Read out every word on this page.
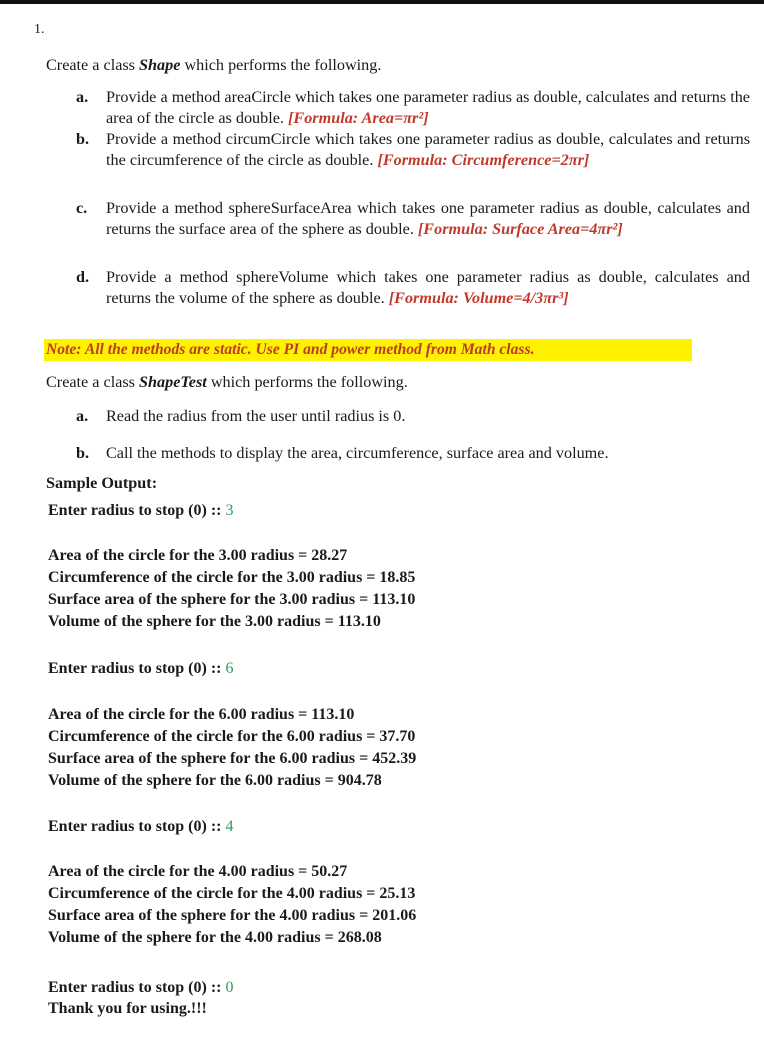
1.
Create a class Shape which performs the following.
a.	Provide a method areaCircle which takes one parameter radius as double, calculates and returns the area of the circle as double. [Formula: Area=πr²]
b.	Provide a method circumCircle which takes one parameter radius as double, calculates and returns the circumference of the circle as double. [Formula: Circumference=2πr]
c.	Provide a method sphereSurfaceArea which takes one parameter radius as double, calculates and returns the surface area of the sphere as double. [Formula: Surface Area=4πr²]
d.	Provide a method sphereVolume which takes one parameter radius as double, calculates and returns the volume of the sphere as double. [Formula: Volume=4/3πr³]
Note: All the methods are static. Use PI and power method from Math class.
Create a class ShapeTest which performs the following.
a.	Read the radius from the user until radius is 0.
b.	Call the methods to display the area, circumference, surface area and volume.
Sample Output:
Enter radius to stop (0) :: 3
Area of the circle for the 3.00 radius = 28.27
Circumference of the circle for the 3.00 radius = 18.85
Surface area of the sphere for the 3.00 radius = 113.10
Volume of the sphere for the 3.00 radius = 113.10
Enter radius to stop (0) :: 6
Area of the circle for the 6.00 radius = 113.10
Circumference of the circle for the 6.00 radius = 37.70
Surface area of the sphere for the 6.00 radius = 452.39
Volume of the sphere for the 6.00 radius = 904.78
Enter radius to stop (0) :: 4
Area of the circle for the 4.00 radius = 50.27
Circumference of the circle for the 4.00 radius = 25.13
Surface area of the sphere for the 4.00 radius = 201.06
Volume of the sphere for the 4.00 radius = 268.08
Enter radius to stop (0) :: 0
Thank you for using.!!!
